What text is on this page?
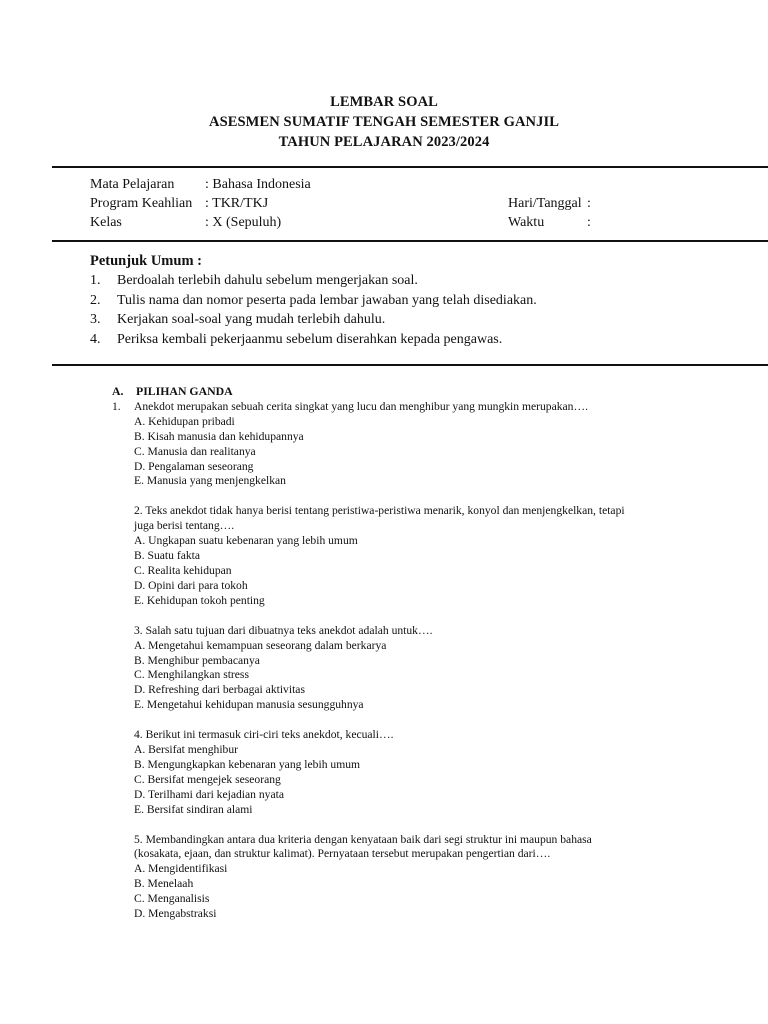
LEMBAR SOAL
ASESMEN SUMATIF TENGAH SEMESTER GANJIL
TAHUN PELAJARAN 2023/2024
Mata Pelajaran : Bahasa Indonesia
Program Keahlian : TKR/TKJ	Hari/Tanggal :
Kelas	: X (Sepuluh)	Waktu	:
Petunjuk Umum :
1. Berdoalah terlebih dahulu sebelum mengerjakan soal.
2. Tulis nama dan nomor peserta pada lembar jawaban yang telah disediakan.
3. Kerjakan soal-soal yang mudah terlebih dahulu.
4. Periksa kembali pekerjaanmu sebelum diserahkan kepada pengawas.
A. PILIHAN GANDA
1. Anekdot merupakan sebuah cerita singkat yang lucu dan menghibur yang mungkin merupakan….
A. Kehidupan pribadi
B. Kisah manusia dan kehidupannya
C. Manusia dan realitanya
D. Pengalaman seseorang
E. Manusia yang menjengkelkan
2. Teks anekdot tidak hanya berisi tentang peristiwa-peristiwa menarik, konyol dan menjengkelkan, tetapi
juga berisi tentang….
A. Ungkapan suatu kebenaran yang lebih umum
B. Suatu fakta
C. Realita kehidupan
D. Opini dari para tokoh
E. Kehidupan tokoh penting
3. Salah satu tujuan dari dibuatnya teks anekdot adalah untuk….
A. Mengetahui kemampuan seseorang dalam berkarya
B. Menghibur pembacanya
C. Menghilangkan stress
D. Refreshing dari berbagai aktivitas
E. Mengetahui kehidupan manusia sesungguhnya
4. Berikut ini termasuk ciri-ciri teks anekdot, kecuali….
A. Bersifat menghibur
B. Mengungkapkan kebenaran yang lebih umum
C. Bersifat mengejek seseorang
D. Terilhami dari kejadian nyata
E. Bersifat sindiran alami
5. Membandingkan antara dua kriteria dengan kenyataan baik dari segi struktur ini maupun bahasa
(kosakata, ejaan, dan struktur kalimat). Pernyataan tersebut merupakan pengertian dari….
A. Mengidentifikasi
B. Menelaah
C. Menganalisis
D. Mengabstraksi
